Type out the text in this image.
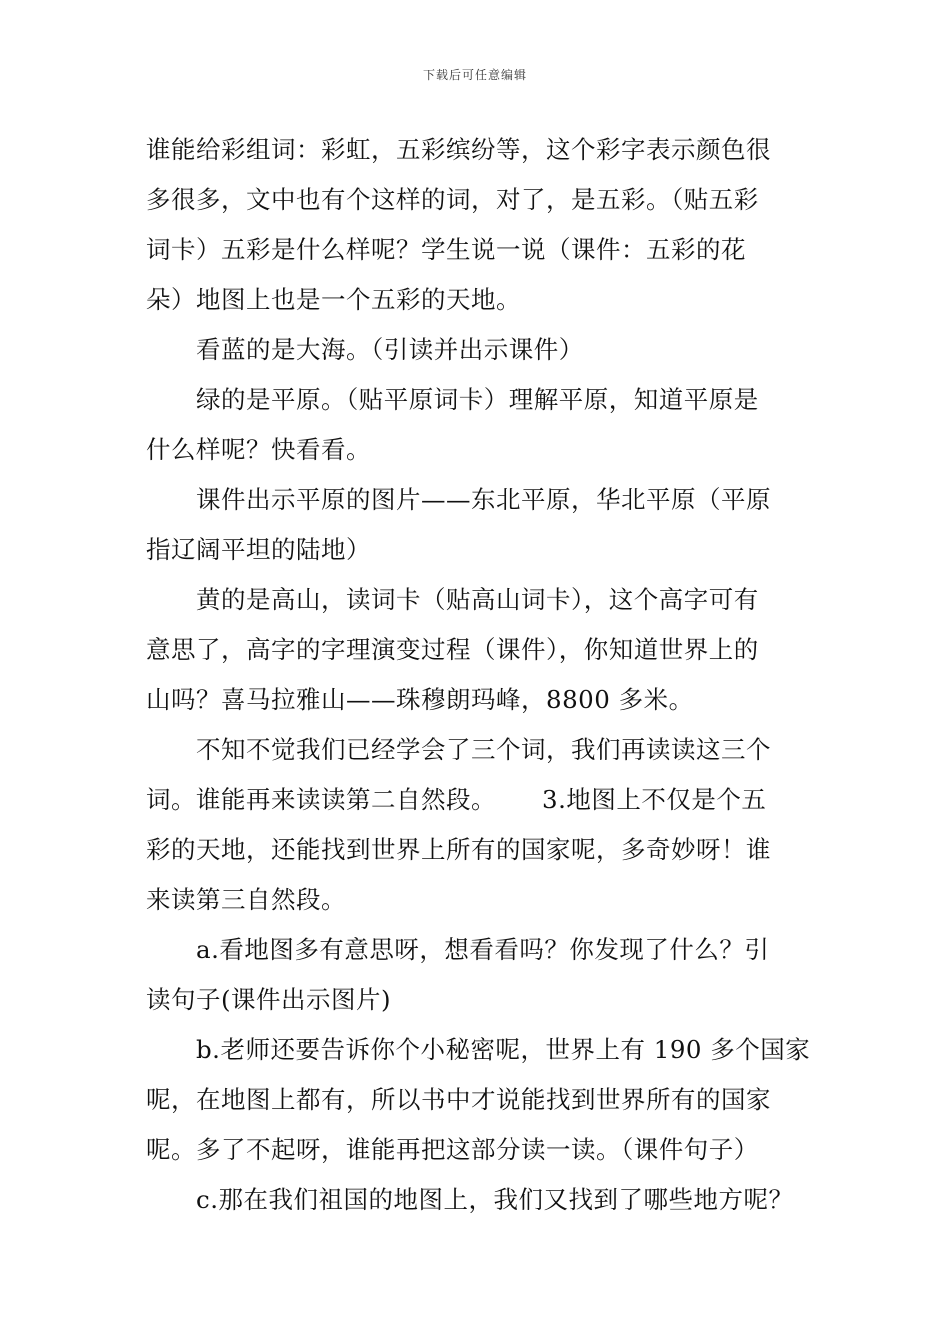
下载后可任意编辑
谁能给彩组词：彩虹，五彩缤纷等，这个彩字表示颜色很
多很多，文中也有个这样的词，对了，是五彩。（贴五彩
词卡）五彩是什么样呢？学生说一说（课件：五彩的花
朵）地图上也是一个五彩的天地。
看蓝的是大海。（引读并出示课件）
绿的是平原。（贴平原词卡）理解平原，知道平原是
什么样呢？快看看。
课件出示平原的图片——东北平原，华北平原（平原
指辽阔平坦的陆地）
黄的是高山，读词卡（贴高山词卡），这个高字可有
意思了，高字的字理演变过程（课件），你知道世界上的
山吗？喜马拉雅山——珠穆朗玛峰，8800 多米。
不知不觉我们已经学会了三个词，我们再读读这三个
词。谁能再来读读第二自然段。　　 3.地图上不仅是个五
彩的天地，还能找到世界上所有的国家呢，多奇妙呀！谁
来读第三自然段。
a.看地图多有意思呀，想看看吗？你发现了什么？引
读句子(课件出示图片)
b.老师还要告诉你个小秘密呢，世界上有 190 多个国家
呢，在地图上都有，所以书中才说能找到世界所有的国家
呢。多了不起呀，谁能再把这部分读一读。（课件句子）
c.那在我们祖国的地图上，我们又找到了哪些地方呢？
